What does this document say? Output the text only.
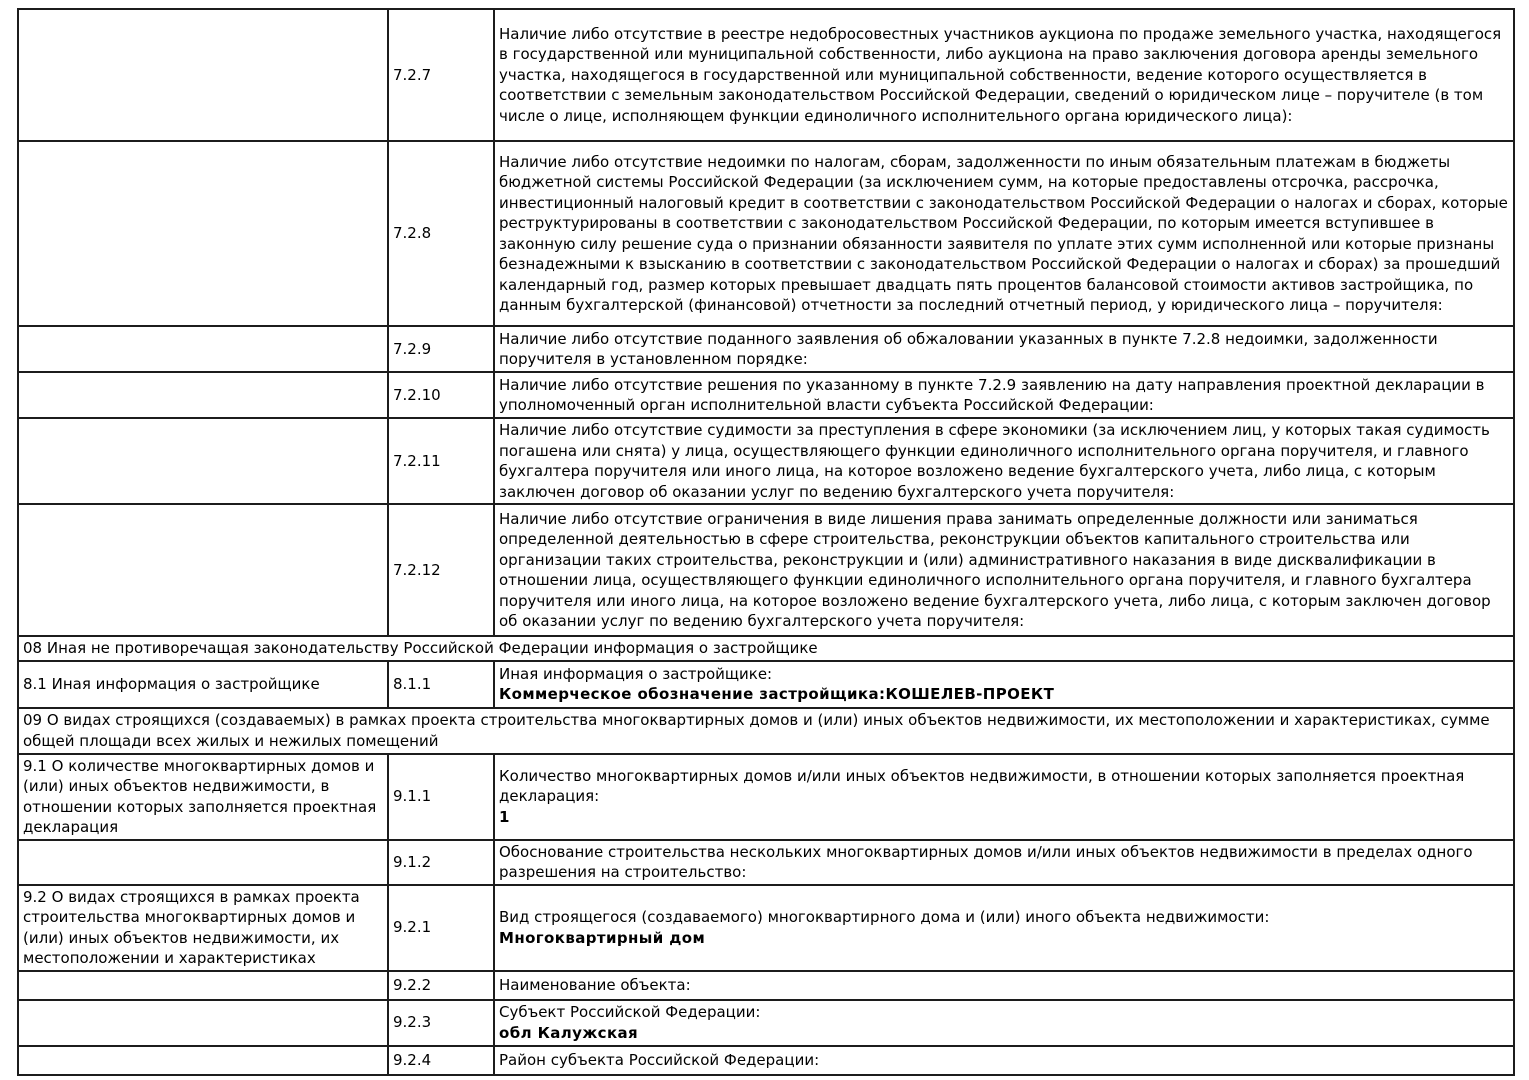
	7.2.7	Наличие либо отсутствие в реестре недобросовестных участников аукциона по продаже земельного участка, находящегося в государственной или муниципальной собственности, либо аукциона на право заключения договора аренды земельного участка, находящегося в государственной или муниципальной собственности, ведение которого осуществляется в соответствии с земельным законодательством Российской Федерации, сведений о юридическом лице – поручителе (в том числе о лице, исполняющем функции единоличного исполнительного органа юридического лица):

	7.2.8	Наличие либо отсутствие недоимки по налогам, сборам, задолженности по иным обязательным платежам в бюджеты бюджетной системы Российской Федерации (за исключением сумм, на которые предоставлены отсрочка, рассрочка, инвестиционный налоговый кредит в соответствии с законодательством Российской Федерации о налогах и сборах, которые реструктурированы в соответствии с законодательством Российской Федерации, по которым имеется вступившее в законную силу решение суда о признании обязанности заявителя по уплате этих сумм исполненной или которые признаны безнадежными к взысканию в соответствии с законодательством Российской Федерации о налогах и сборах) за прошедший календарный год, размер которых превышает двадцать пять процентов балансовой стоимости активов застройщика, по данным бухгалтерской (финансовой) отчетности за последний отчетный период, у юридического лица – поручителя:

	7.2.9	Наличие либо отсутствие поданного заявления об обжаловании указанных в пункте 7.2.8 недоимки, задолженности поручителя в установленном порядке:

	7.2.10	Наличие либо отсутствие решения по указанному в пункте 7.2.9 заявлению на дату направления проектной декларации в уполномоченный орган исполнительной власти субъекта Российской Федерации:

	7.2.11	Наличие либо отсутствие судимости за преступления в сфере экономики (за исключением лиц, у которых такая судимость погашена или снята) у лица, осуществляющего функции единоличного исполнительного органа поручителя, и главного бухгалтера поручителя или иного лица, на которое возложено ведение бухгалтерского учета, либо лица, с которым заключен договор об оказании услуг по ведению бухгалтерского учета поручителя:

	7.2.12	Наличие либо отсутствие ограничения в виде лишения права занимать определенные должности или заниматься определенной деятельностью в сфере строительства, реконструкции объектов капитального строительства или организации таких строительства, реконструкции и (или) административного наказания в виде дисквалификации в отношении лица, осуществляющего функции единоличного исполнительного органа поручителя, и главного бухгалтера поручителя или иного лица, на которое возложено ведение бухгалтерского учета, либо лица, с которым заключен договор об оказании услуг по ведению бухгалтерского учета поручителя:

08 Иная не противоречащая законодательству Российской Федерации информация о застройщике		
8.1 Иная информация о застройщике	8.1.1	Иная информация о застройщике:
Коммерческое обозначение застройщика:КОШЕЛЕВ-ПРОЕКТ

09 О видах строящихся (создаваемых) в рамках проекта строительства многоквартирных домов и (или) иных объектов недвижимости, их местоположении и характеристиках, сумме общей площади всех жилых и нежилых помещений		
9.1 О количестве многоквартирных домов и (или) иных объектов недвижимости, в отношении которых заполняется проектная декларация	9.1.1	Количество многоквартирных домов и/или иных объектов недвижимости, в отношении которых заполняется проектная декларация:
1

	9.1.2	Обоснование строительства нескольких многоквартирных домов и/или иных объектов недвижимости в пределах одного разрешения на строительство:

9.2 О видах строящихся в рамках проекта строительства многоквартирных домов и (или) иных объектов недвижимости, их местоположении и характеристиках	9.2.1	Вид строящегося (создаваемого) многоквартирного дома и (или) иного объекта недвижимости:
Многоквартирный дом

	9.2.2	Наименование объекта:

	9.2.3	Субъект Российской Федерации:
обл Калужская

	9.2.4	Район субъекта Российской Федерации:
